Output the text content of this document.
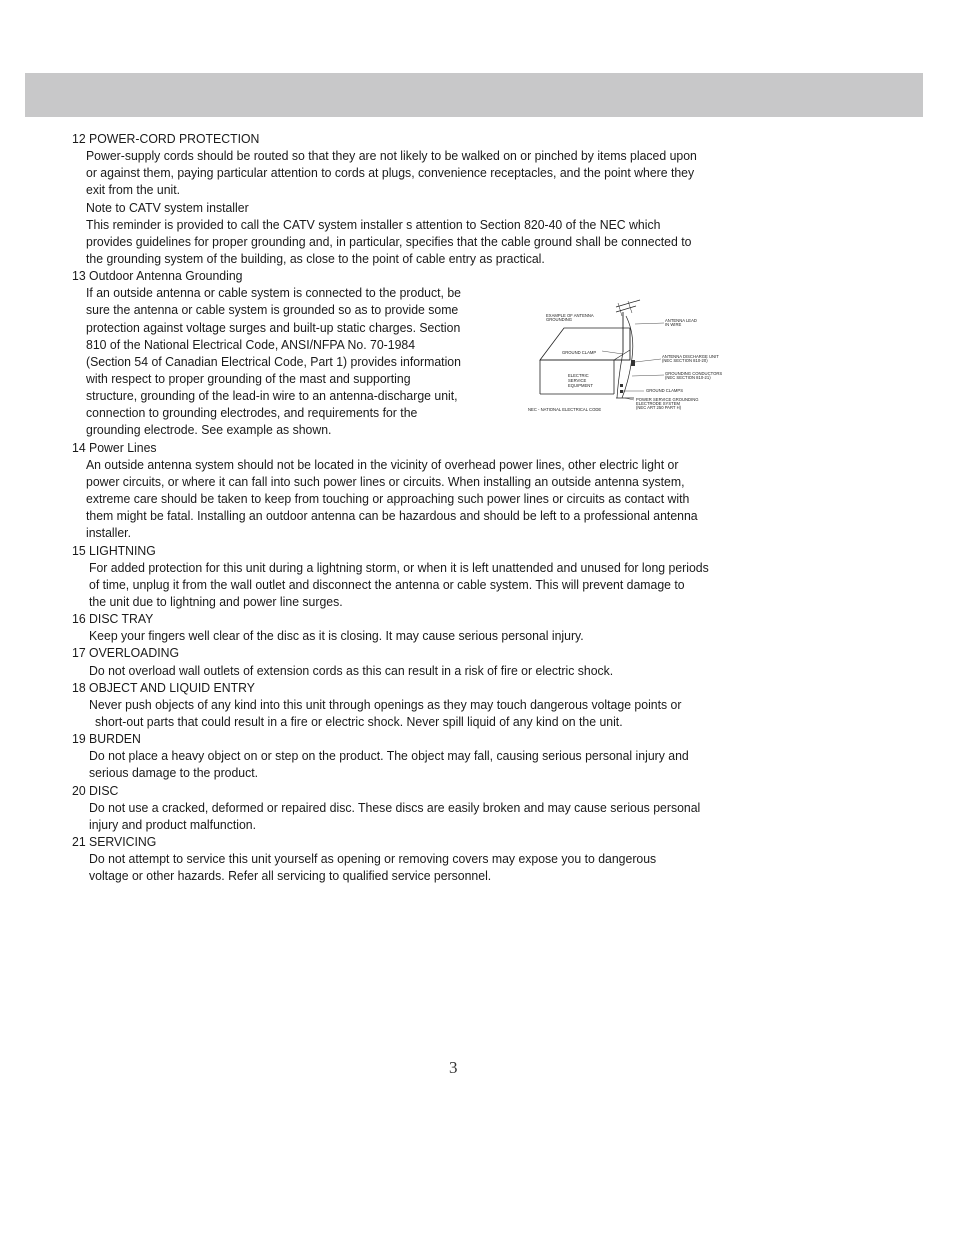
12 POWER-CORD PROTECTION
Power-supply cords should be routed so that they are not likely to be walked on or pinched by items placed upon
or against them, paying particular attention to cords at plugs, convenience receptacles, and the point where they
exit from the unit.
Note to CATV system installer
This reminder is provided to call the CATV system installer s attention to Section 820-40 of the NEC which
provides guidelines for proper grounding and, in particular, specifies that the cable ground shall be connected to
the grounding system of the building, as close to the point of cable entry as practical.
13 Outdoor Antenna Grounding
If an outside antenna or cable system is connected to the product, be
sure the antenna or cable system is grounded so as to provide some
protection against voltage surges and built-up static charges. Section
810 of the National Electrical Code, ANSI/NFPA No. 70-1984
(Section 54 of Canadian Electrical Code, Part 1) provides information
with respect to proper grounding of the mast and supporting
structure, grounding of the lead-in wire to an antenna-discharge unit,
connection to grounding electrodes, and requirements for the
grounding electrode. See example as shown.
EXAMPLE OF ANTENNA
GROUNDING
GROUND CLAMP
ELECTRIC
SERVICE
EQUIPMENT
NEC - NATIONAL ELECTRICAL CODE
ANTENNA LEAD
IN WIRE
ANTENNA DISCHARGE UNIT
(NEC SECTION 810-20)
GROUNDING CONDUCTORS
(NEC SECTION 810-21)
GROUND CLAMPS
POWER SERVICE GROUNDING
ELECTRODE SYSTEM
(NEC ART 250 PART H)
14 Power Lines
An outside antenna system should not be located in the vicinity of overhead power lines, other electric light or
power circuits, or where it can fall into such power lines or circuits. When installing an outside antenna system,
extreme care should be taken to keep from touching or approaching such power lines or circuits as contact with
them might be fatal. Installing an outdoor antenna can be hazardous and should be left to a professional antenna
installer.
15 LIGHTNING
For added protection for this unit during a lightning storm, or when it is left unattended and unused for long periods
of time, unplug it from the wall outlet and disconnect the antenna or cable system. This will prevent damage to
the unit due to lightning and power line surges.
16 DISC TRAY
Keep your fingers well clear of the disc as it is closing. It may cause serious personal injury.
17 OVERLOADING
Do not overload wall outlets of extension cords as this can result in a risk of fire or electric shock.
18 OBJECT AND LIQUID ENTRY
Never push objects of any kind into this unit through openings as they may touch dangerous voltage points or
short-out parts that could result in a fire or electric shock. Never spill liquid of any kind on the unit.
19 BURDEN
Do not place a heavy object on or step on the product. The object may fall, causing serious personal injury and
serious damage to the product.
20 DISC
Do not use a cracked, deformed or repaired disc. These discs are easily broken and may cause serious personal
injury and product malfunction.
21 SERVICING
Do not attempt to service this unit yourself as opening or removing covers may expose you to dangerous
voltage or other hazards. Refer all servicing to qualified service personnel.
3
